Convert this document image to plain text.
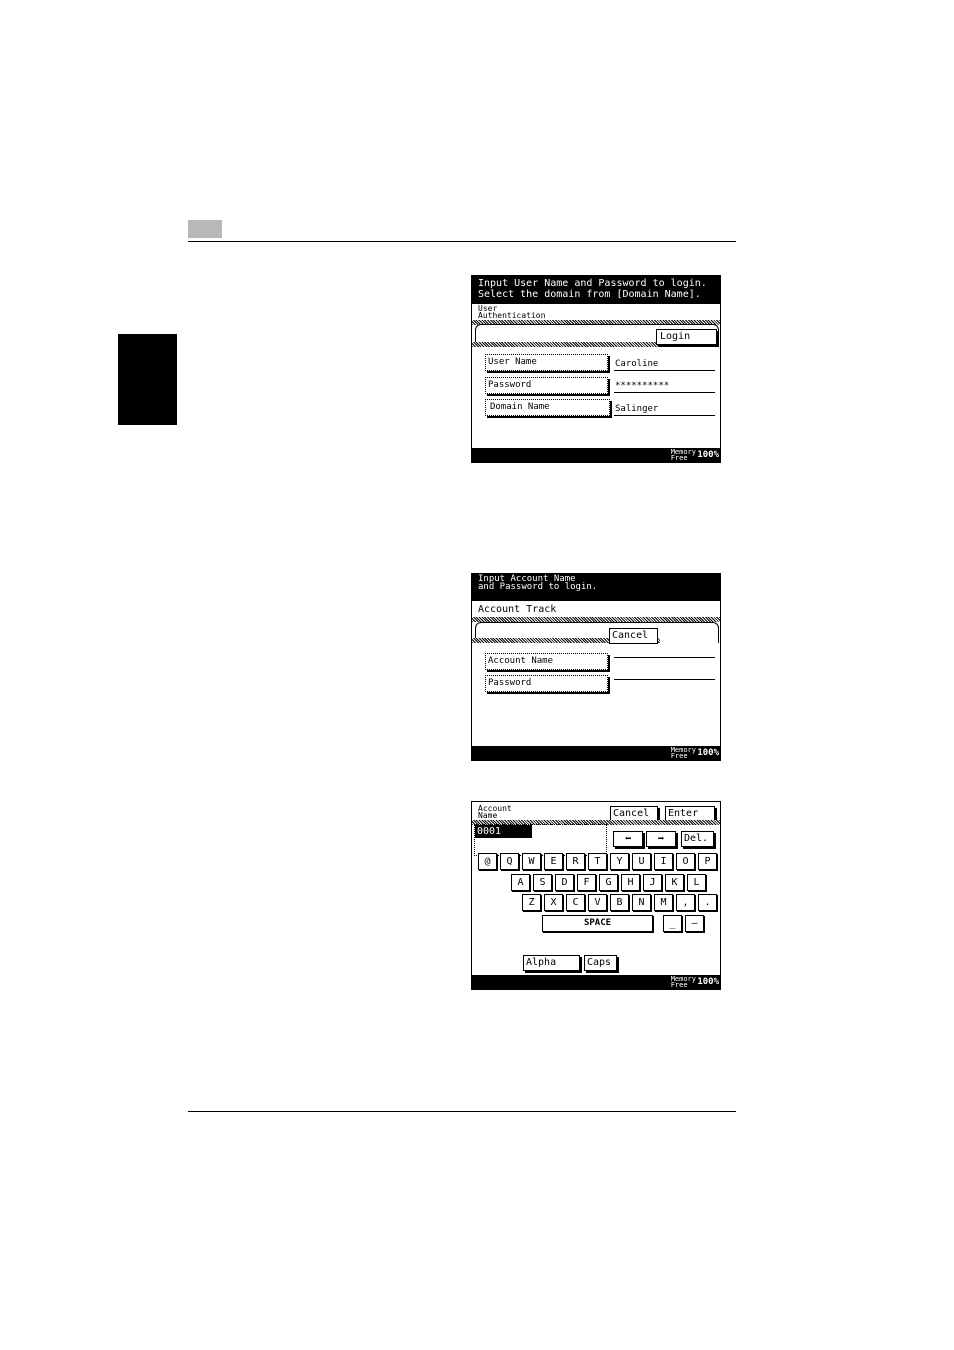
Input User Name and Password to login.
Select the domain from [Domain Name].
User
Authentication
Login
User Name	Caroline
Password	**********
Domain Name	Salinger
Memory
Free	100%
Input Account Name
and Password to login.
Account Track
Cancel
Account Name
Password
Memory
Free	100%
Account
Name	Cancel	Enter
0001
⬅	➡	Del.
@	Q	W	E	R	T	Y	U	I	O	P
A	S	D	F	G	H	J	K	L
Z	X	C	V	B	N	M	,	.
SPACE	_	—
Alpha	Caps
Memory
Free	100%
